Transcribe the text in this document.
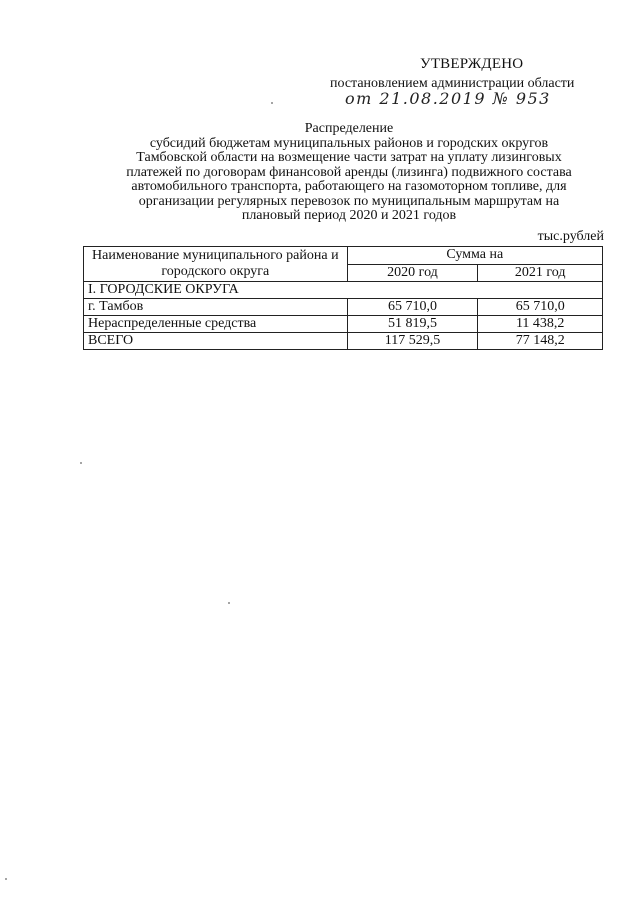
УТВЕРЖДЕНО
постановлением администрации области
от 21.08.2019 № 953
Распределение
субсидий бюджетам муниципальных районов и городских округов
Тамбовской области на возмещение части затрат на уплату лизинговых
платежей по договорам финансовой аренды (лизинга) подвижного состава
автомобильного транспорта, работающего на газомоторном топливе, для
организации регулярных перевозок по муниципальным маршрутам на
плановый период 2020 и 2021 годов
тыс.рублей
Наименование муниципального района и городского округа	Сумма на	
	2020 год	2021 год
I. ГОРОДСКИЕ ОКРУГА		
г. Тамбов	65 710,0	65 710,0
Нераспределенные средства	51 819,5	11 438,2
ВСЕГО	117 529,5	77 148,2
